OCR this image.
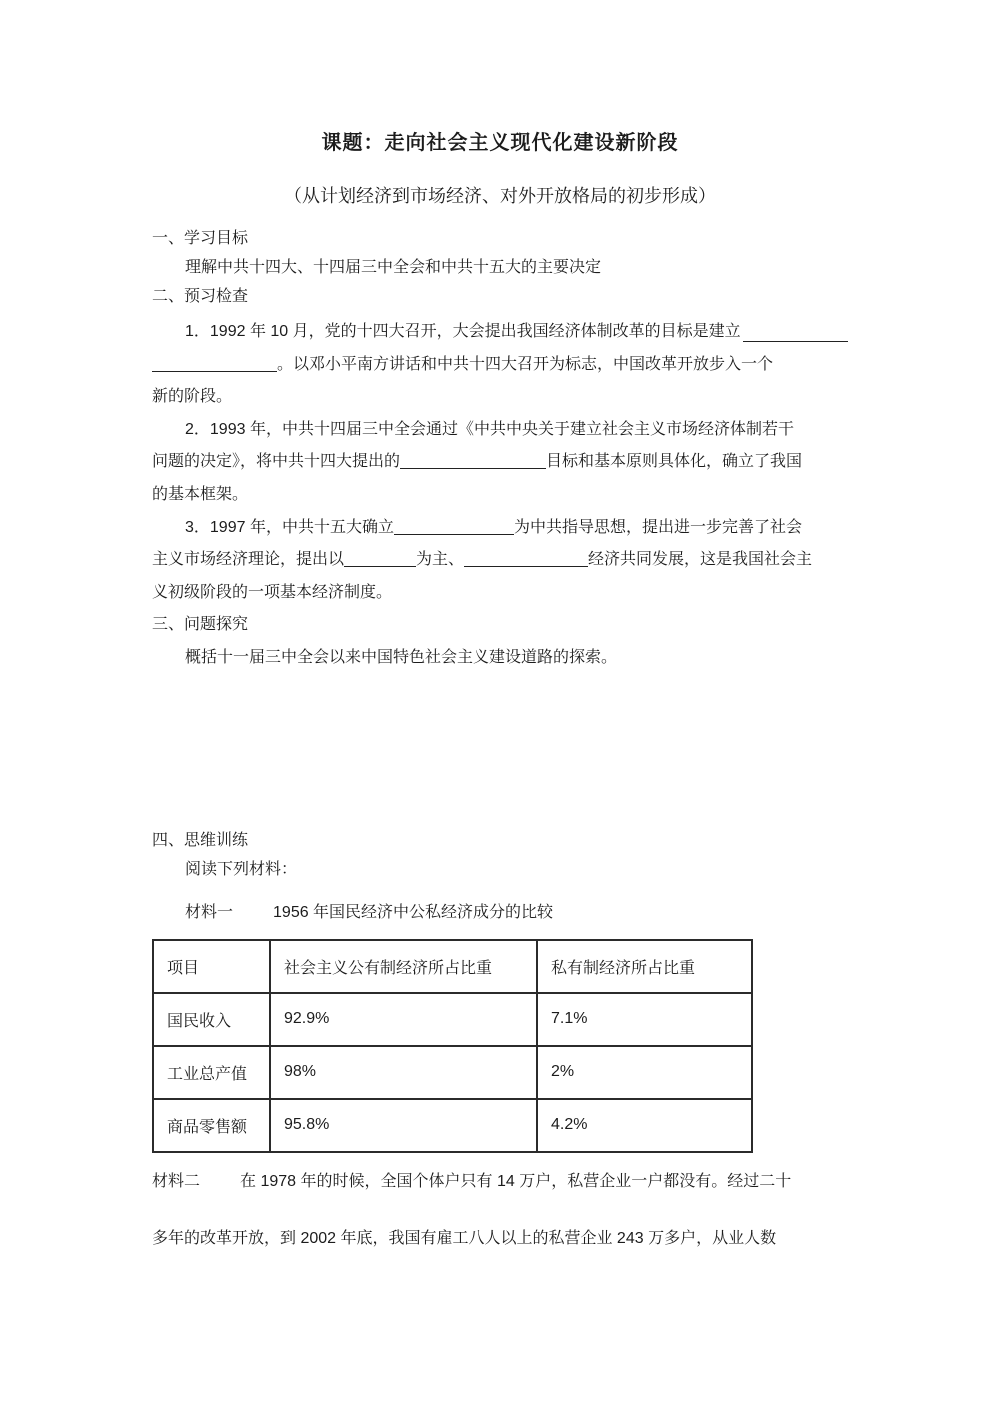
课题：走向社会主义现代化建设新阶段
（从计划经济到市场经济、对外开放格局的初步形成）
一、学习目标
理解中共十四大、十四届三中全会和中共十五大的主要决定
二、预习检查
1．1992 年 10 月，党的十四大召开，大会提出我国经济体制改革的目标是建立
。以邓小平南方讲话和中共十四大召开为标志，中国改革开放步入一个
新的阶段。
2．1993 年，中共十四届三中全会通过《中共中央关于建立社会主义市场经济体制若干
问题的决定》，将中共十四大提出的	目标和基本原则具体化，确立了我国
的基本框架。
3．1997 年，中共十五大确立	为中共指导思想，提出进一步完善了社会
主义市场经济理论，提出以	为主、	经济共同发展，这是我国社会主
义初级阶段的一项基本经济制度。
三、问题探究
概括十一届三中全会以来中国特色社会主义建设道路的探索。
四、思维训练
阅读下列材料：
材料一	1956 年国民经济中公私经济成分的比较
项目	社会主义公有制经济所占比重	私有制经济所占比重
国民收入	92.9%	7.1%
工业总产值	98%	2%
商品零售额	95.8%	4.2%
材料二	在 1978 年的时候，全国个体户只有 14 万户，私营企业一户都没有。经过二十
多年的改革开放，到 2002 年底，我国有雇工八人以上的私营企业 243 万多户，从业人数
